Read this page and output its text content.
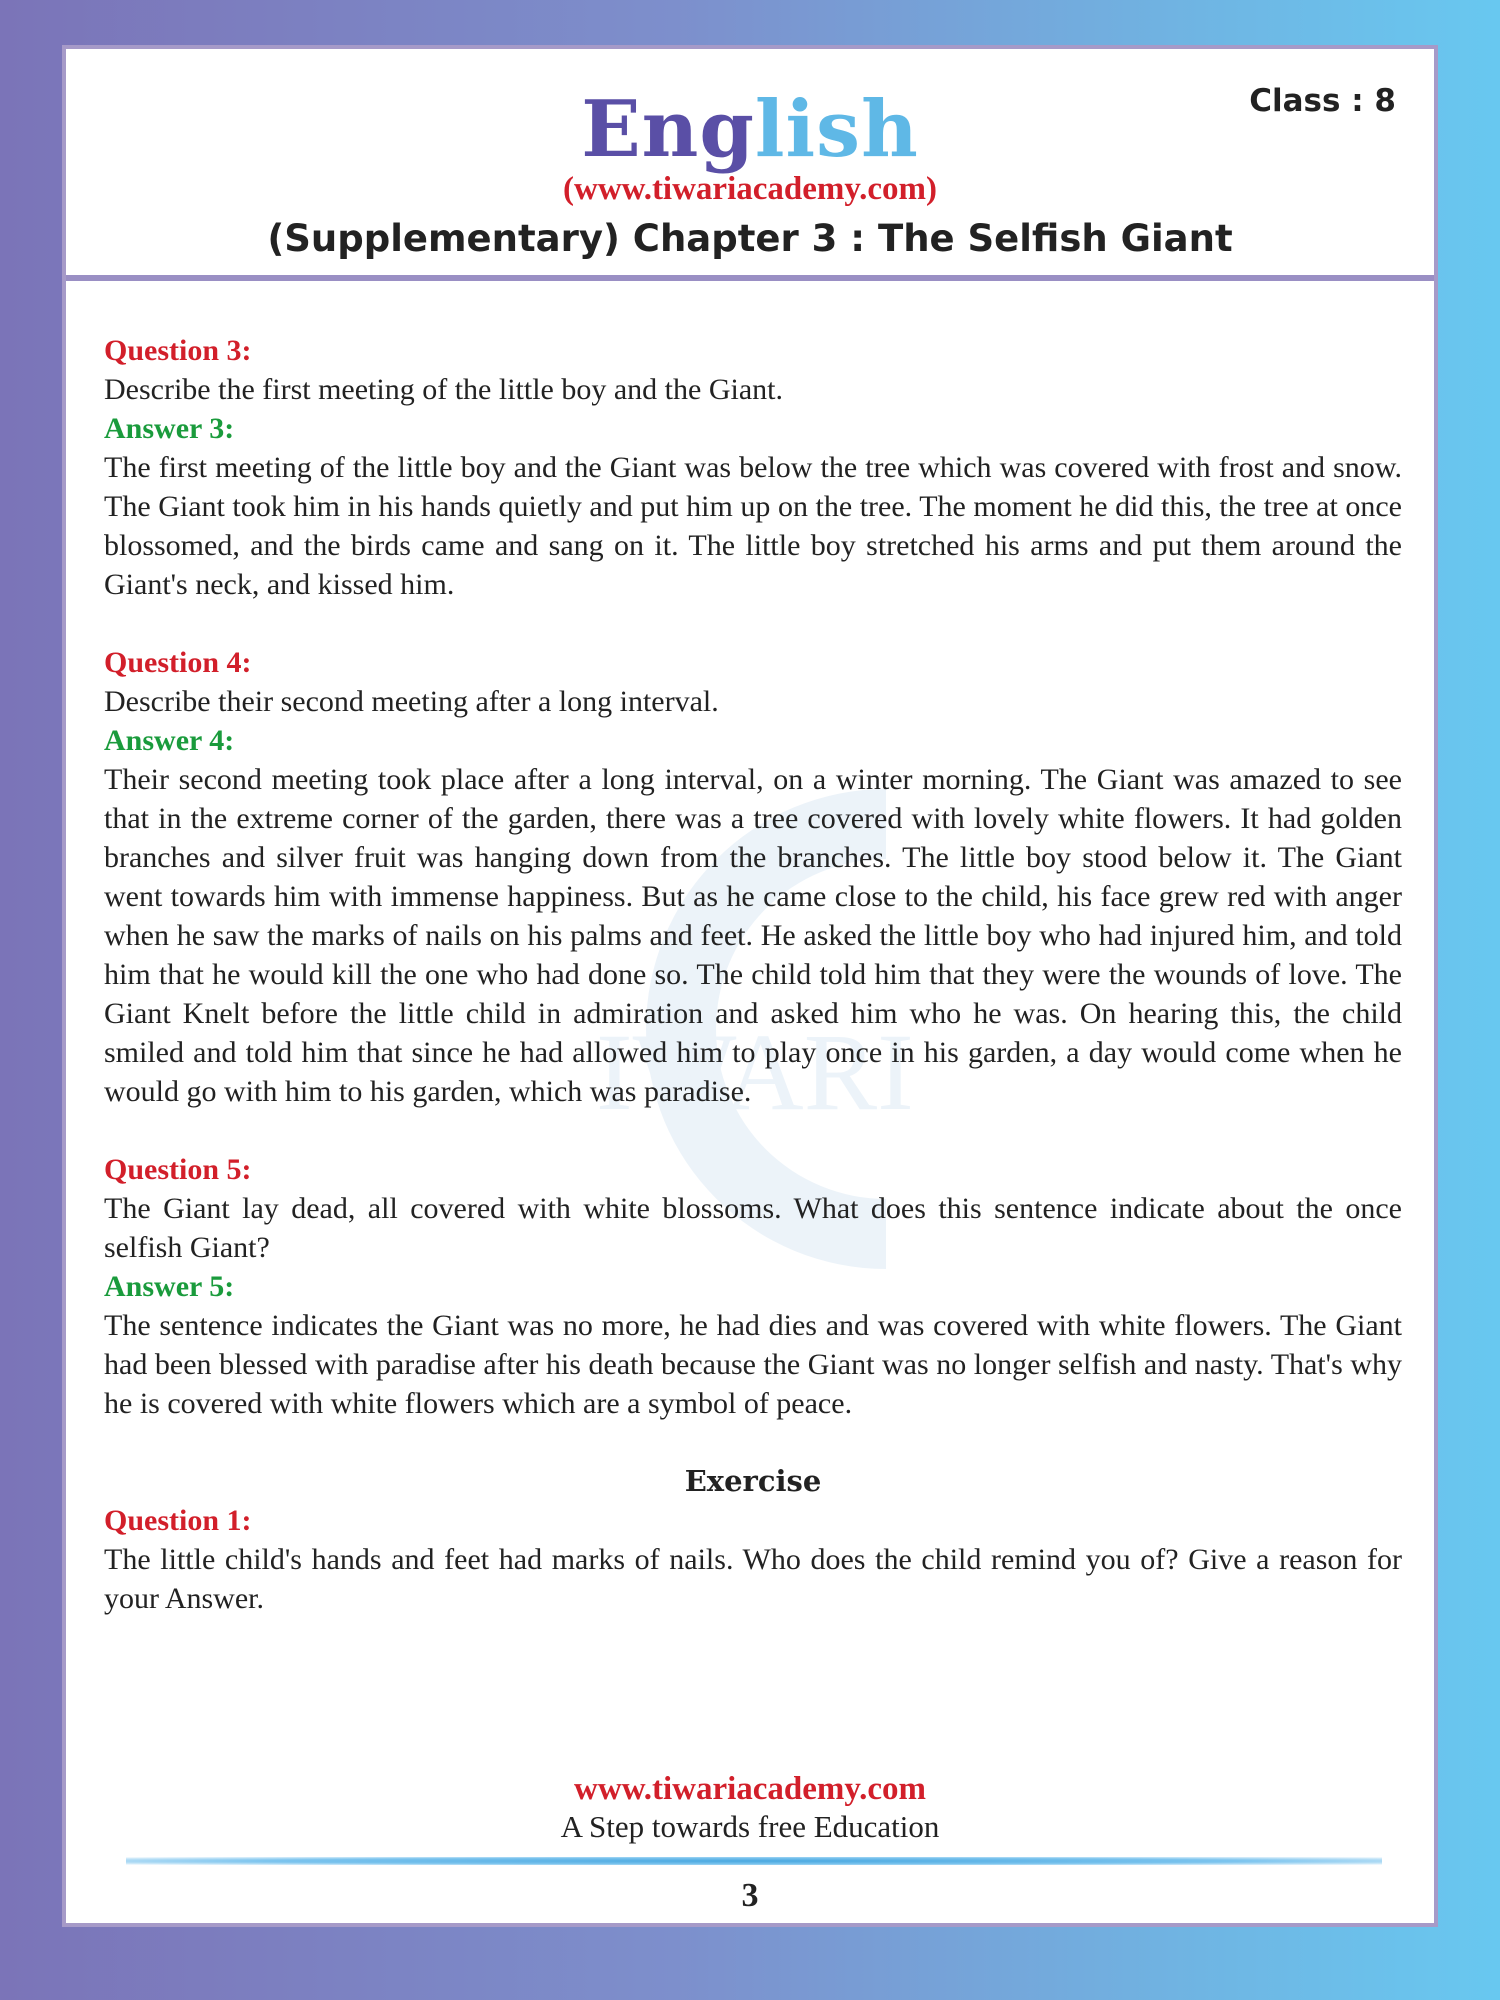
English
(www.tiwariacademy.com)
(Supplementary) Chapter 3 : The Selfish Giant
Class : 8
IWARI
Question 3:
Describe the first meeting of the little boy and the Giant.
Answer 3:
The first meeting of the little boy and the Giant was below the tree which was covered with frost and snow. The Giant took him in his hands quietly and put him up on the tree. The moment he did this, the tree at once blossomed, and the birds came and sang on it. The little boy stretched his arms and put them around the Giant's neck, and kissed him.
Question 4:
Describe their second meeting after a long interval.
Answer 4:
Their second meeting took place after a long interval, on a winter morning. The Giant was amazed to see that in the extreme corner of the garden, there was a tree covered with lovely white flowers. It had golden branches and silver fruit was hanging down from the branches. The little boy stood below it. The Giant went towards him with immense happiness. But as he came close to the child, his face grew red with anger when he saw the marks of nails on his palms and feet. He asked the little boy who had injured him, and told him that he would kill the one who had done so. The child told him that they were the wounds of love. The Giant Knelt before the little child in admiration and asked him who he was. On hearing this, the child smiled and told him that since he had allowed him to play once in his garden, a day would come when he would go with him to his garden, which was paradise.
Question 5:
The Giant lay dead, all covered with white blossoms. What does this sentence indicate about the once selfish Giant?
Answer 5:
The sentence indicates the Giant was no more, he had dies and was covered with white flowers. The Giant had been blessed with paradise after his death because the Giant was no longer selfish and nasty. That's why he is covered with white flowers which are a symbol of peace.
Exercise
Question 1:
The little child's hands and feet had marks of nails. Who does the child remind you of? Give a reason for your Answer.
www.tiwariacademy.com
A Step towards free Education
3
